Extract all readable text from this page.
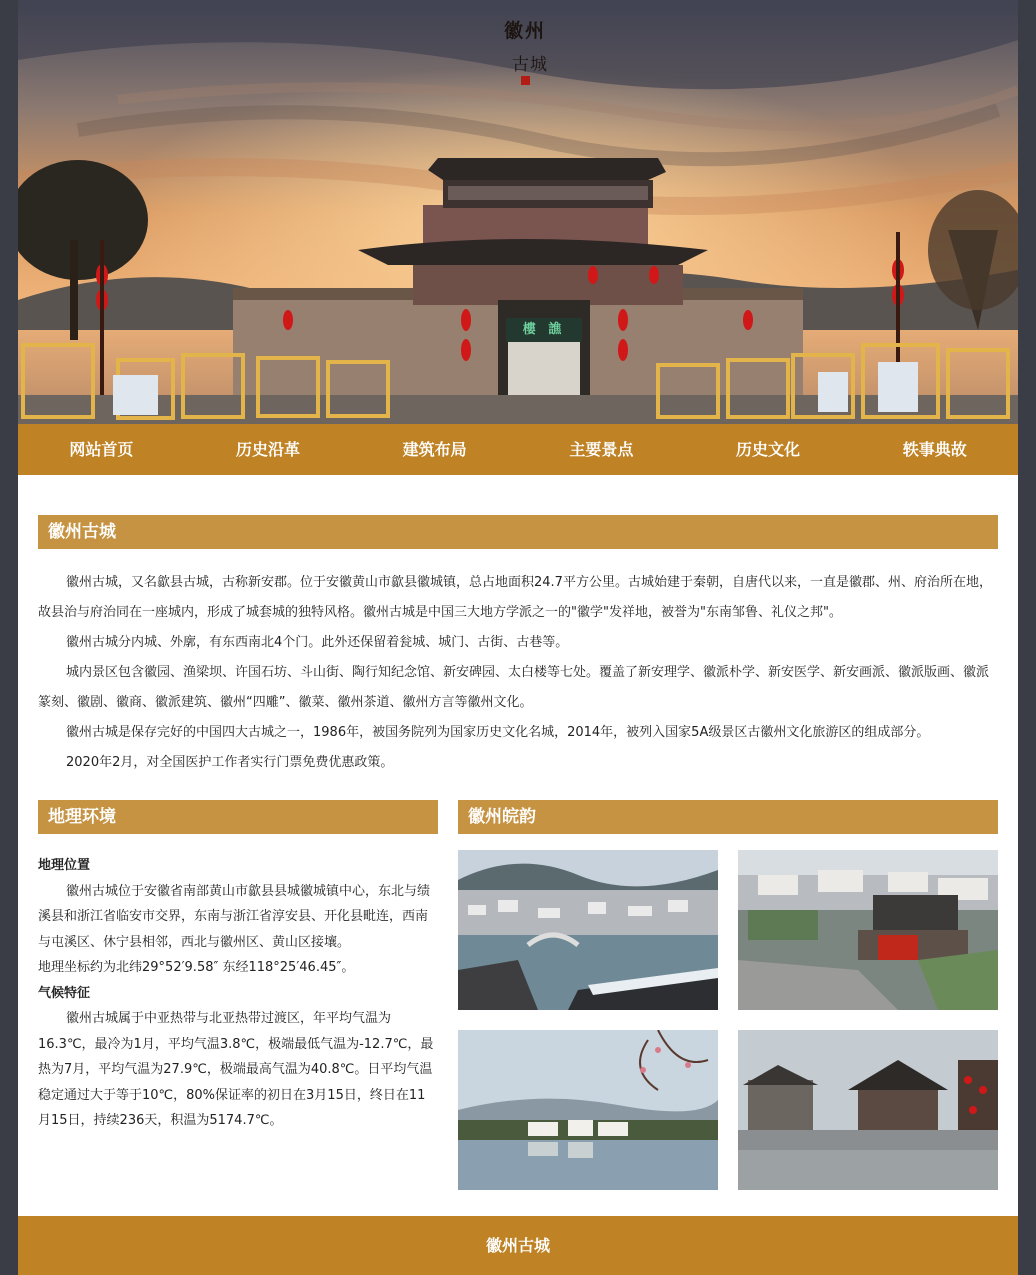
徽州
古城
樓 譙
网站首页	历史沿革	建筑布局	主要景点	历史文化	轶事典故
徽州古城

徽州古城，又名歙县古城，古称新安郡。位于安徽黄山市歙县徽城镇，总占地面积24.7平方公里。古城始建于秦朝，自唐代以来，一直是徽郡、州、府治所在地，故县治与府治同在一座城内，形成了城套城的独特风格。徽州古城是中国三大地方学派之一的"徽学"发祥地，被誉为"东南邹鲁、礼仪之邦"。

徽州古城分内城、外廓，有东西南北4个门。此外还保留着瓮城、城门、古街、古巷等。

城内景区包含徽园、渔梁坝、许国石坊、斗山街、陶行知纪念馆、新安碑园、太白楼等七处。覆盖了新安理学、徽派朴学、新安医学、新安画派、徽派版画、徽派篆刻、徽剧、徽商、徽派建筑、徽州“四雕”、徽菜、徽州茶道、徽州方言等徽州文化。

徽州古城是保存完好的中国四大古城之一，1986年，被国务院列为国家历史文化名城，2014年，被列入国家5A级景区古徽州文化旅游区的组成部分。

2020年2月，对全国医护工作者实行门票免费优惠政策。

地理环境
地理位置

徽州古城位于安徽省南部黄山市歙县县城徽城镇中心，东北与绩溪县和浙江省临安市交界，东南与浙江省淳安县、开化县毗连，西南与屯溪区、休宁县相邻，西北与徽州区、黄山区接壤。

地理坐标约为北纬29°52′9.58″ 东经118°25′46.45″。

气候特征

徽州古城属于中亚热带与北亚热带过渡区，年平均气温为16.3℃，最冷为1月，平均气温3.8℃，极端最低气温为-12.7℃，最热为7月，平均气温为27.9℃，极端最高气温为40.8℃。日平均气温稳定通过大于等于10℃，80%保证率的初日在3月15日，终日在11月15日，持续236天，积温为5174.7℃。

徽州皖韵
徽州古城
